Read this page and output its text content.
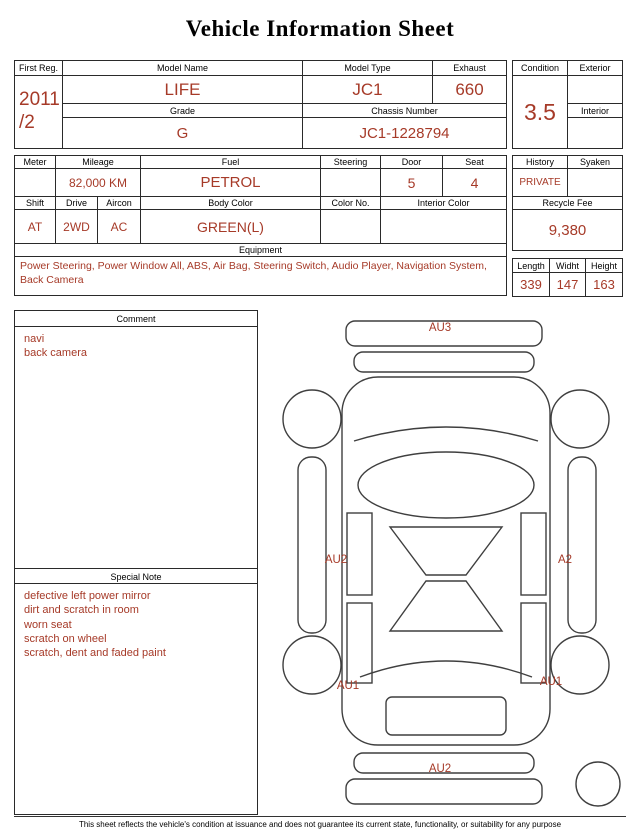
Vehicle Information Sheet
First Reg.	Model Name	Model Type	Exhaust

2011
/2	LIFE	JC1	660
	Grade	Chassis Number	
	G	JC1-1228794	
Condition	Exterior
3.5	
	Interior

Meter	Mileage		Fuel	Steering	Door	Seat
	82,000 KM		PETROL		5	4
Shift	Drive	Aircon	Body Color	Color No.	Interior Color	
AT	2WD	AC	GREEN(L)			
Equipment						
Power Steering, Power Window All, ABS, Air Bag, Steering Switch, Audio Player, Navigation System, Back Camera						
History	Syaken
PRIVATE	
Recycle Fee	
9,380	
Length	Widht	Height
339	147	163
Comment
navi
back camera
Special Note
defective left power mirror
dirt and scratch in room
worn seat
scratch on wheel
scratch, dent and faded paint
AU3
AU2	A2
AU1	AU1
AU2
This sheet reflects the vehicle's condition at issuance and does not guarantee its current state, functionality, or suitability for any purpose
